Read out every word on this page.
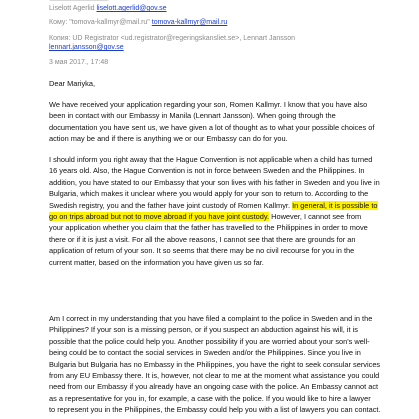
Liselott Agerlid liselott.agerlid@gov.se
Кому: "tomova-kallmyr@mail.ru" tomova-kallmyr@mail.ru
Копия: UD Registrator <ud.registrator@regeringskansliet.se>, Lennart Jansson
lennart.jansson@gov.se
3 мая 2017., 17:48
Dear Mariyka,
We have received your application regarding your son, Romen Kallmyr. I know that you have also
been in contact with our Embassy in Manila (Lennart Jansson). When going through the
documentation you have sent us, we have given a lot of thought as to what your possible choices of
action may be and if there is anything we or our Embassy can do for you.
I should inform you right away that the Hague Convention is not applicable when a child has turned
16 years old. Also, the Hague Convention is not in force between Sweden and the Philippines. In
addition, you have stated to our Embassy that your son lives with his father in Sweden and you live in
Bulgaria, which makes it unclear where you would apply for your son to return to. According to the
Swedish registry, you and the father have joint custody of Romen Kallmyr. In general, it is possible to
go on trips abroad but not to move abroad if you have joint custody. However, I cannot see from
your application whether you claim that the father has travelled to the Philippines in order to move
there or if it is just a visit. For all the above reasons, I cannot see that there are grounds for an
application of return of your son. It so seems that there may be no civil recourse for you in the
current matter, based on the information you have given us so far.
Am I correct in my understanding that you have filed a complaint to the police in Sweden and in the
Philippines? If your son is a missing person, or if you suspect an abduction against his will, it is
possible that the police could help you. Another possibility if you are worried about your son's well-
being could be to contact the social services in Sweden and/or the Philippines. Since you live in
Bulgaria but Bulgaria has no Embassy in the Philippines, you have the right to seek consular services
from any EU Embassy there. It is, however, not clear to me at the moment what assistance you could
need from our Embassy if you already have an ongoing case with the police. An Embassy cannot act
as a representative for you in, for example, a case with the police. If you would like to hire a lawyer
to represent you in the Philippines, the Embassy could help you with a list of lawyers you can contact.
